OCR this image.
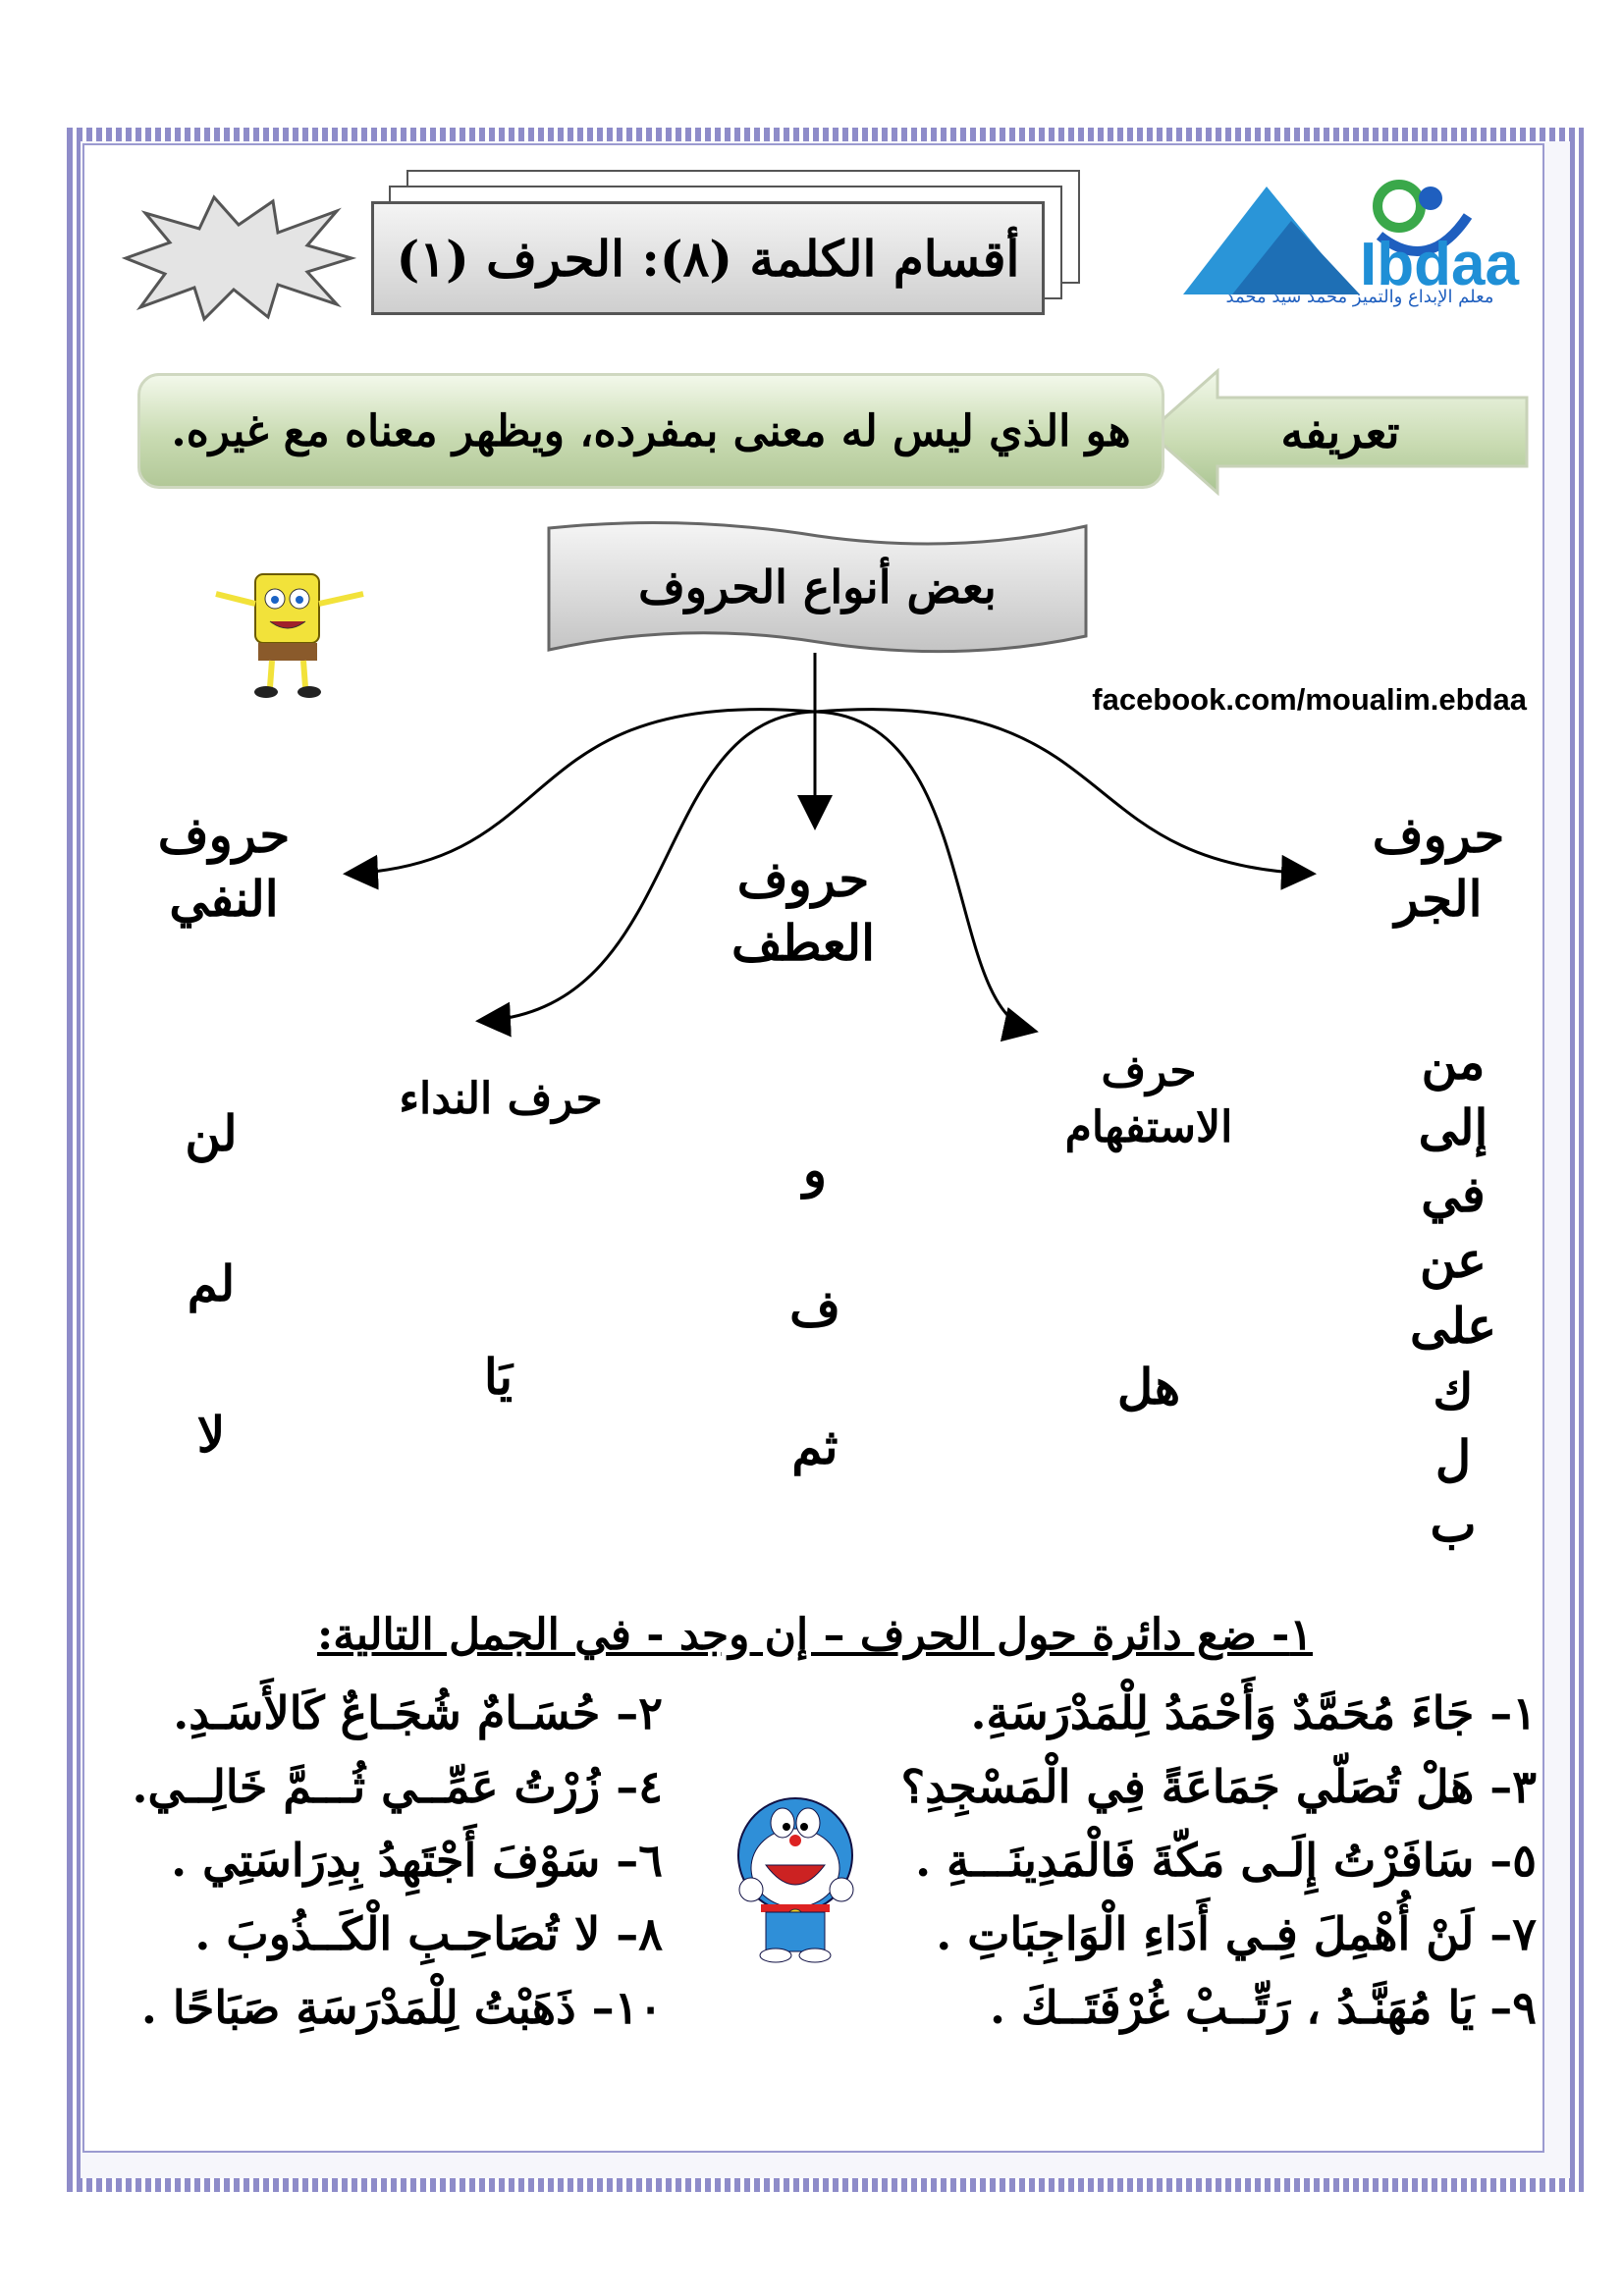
أقسام الكلمة (٨): الحرف (١)	Ibdaa
معلم الإبداع والتميز محمد سيد محمد
تعريفه
هو الذي ليس له معنى بمفرده، ويظهر معناه مع غيره.
بعض أنواع الحروف
facebook.com/moualim.ebdaa
حروف الجر
حروف العطف
حروف النفي
حرف الاستفهام
حرف النداء
من
إلى
في
عن
على
ك
ل
ب
هل
و
ف
ثم
يَا
لن
لم
لا
١- ضع دائرة حول الحرف – إن وجد - في الجمل التالية:
١– جَاءَ مُحَمَّدٌ وَأَحْمَدُ لِلْمَدْرَسَةِ.
٣– هَلْ تُصَلّي جَمَاعَةً فِي الْمَسْجِدِ؟
٥– سَافَرْتُ إِلَـى مَكّةَ فَالْمَدِينَـــةِ .
٧– لَنْ أُهْمِلَ فِـي أَدَاءِ الْوَاجِبَاتِ .
٩– يَا مُهَنَّـدُ ، رَتِّــبْ غُرْفَتَــكَ .
٢– حُسَـامٌ شُجَـاعٌ كَالأَسَـدِ.
٤– زُرْتُ عَمِّــي ثُـــمَّ خَالِــي.
٦– سَوْفَ أَجْتَهِدُ بِدِرَاسَتِي .
٨– لا تُصَاحِـبِ الْكَــذُوبَ .
١٠– ذَهَبْتُ لِلْمَدْرَسَةِ صَبَاحًا .
